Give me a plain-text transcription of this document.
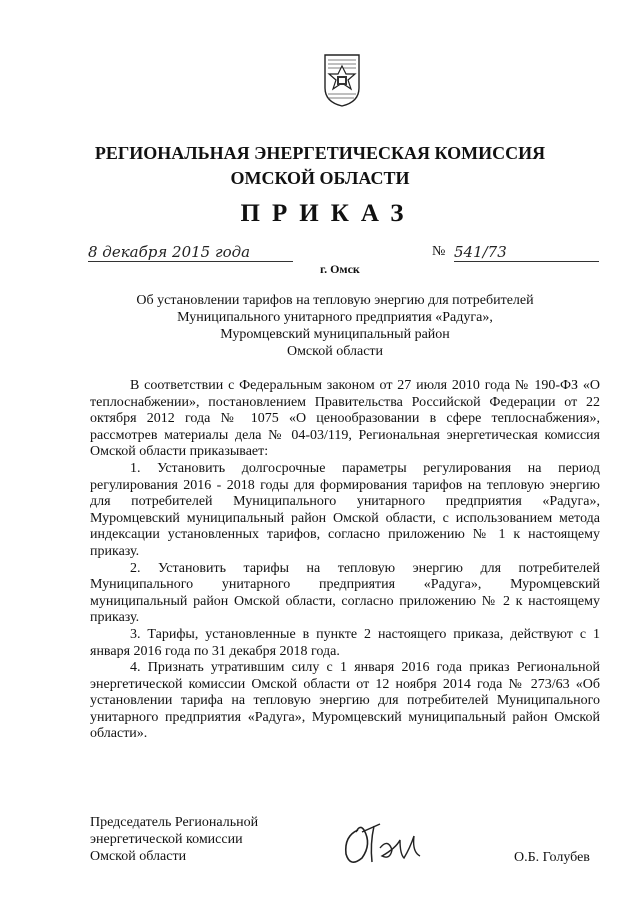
РЕГИОНАЛЬНАЯ ЭНЕРГЕТИЧЕСКАЯ КОМИССИЯ
ОМСКОЙ ОБЛАСТИ
ПРИКАЗ
8 декабря 2015 года
г. Омск
№ 541/73
Об установлении тарифов на тепловую энергию для потребителей
Муниципального унитарного предприятия «Радуга»,
Муромцевский муниципальный район
Омской области

В соответствии с Федеральным законом от 27 июля 2010 года № 190-ФЗ «О теплоснабжении», постановлением Правительства Российской Федерации от 22 октября 2012 года № 1075 «О ценообразовании в сфере теплоснабжения», рассмотрев материалы дела № 04-03/119, Региональная энергетическая комиссия Омской области приказывает:

1. Установить долгосрочные параметры регулирования на период регулирования 2016 - 2018 годы для формирования тарифов на тепловую энергию для потребителей Муниципального унитарного предприятия «Радуга», Муромцевский муниципальный район Омской области, с использованием метода индексации установленных тарифов, согласно приложению № 1 к настоящему приказу.

2. Установить тарифы на тепловую энергию для потребителей Муниципального унитарного предприятия «Радуга», Муромцевский муниципальный район Омской области, согласно приложению № 2 к настоящему приказу.

3. Тарифы, установленные в пункте 2 настоящего приказа, действуют с 1 января 2016 года по 31 декабря 2018 года.

4. Признать утратившим силу с 1 января 2016 года приказ Региональной энергетической комиссии Омской области от 12 ноября 2014 года № 273/63 «Об установлении тарифа на тепловую энергию для потребителей Муниципального унитарного предприятия «Радуга», Муромцевский муниципальный район Омской области».

Председатель Региональной
энергетической комиссии
Омской области	О.Б. Голубев
